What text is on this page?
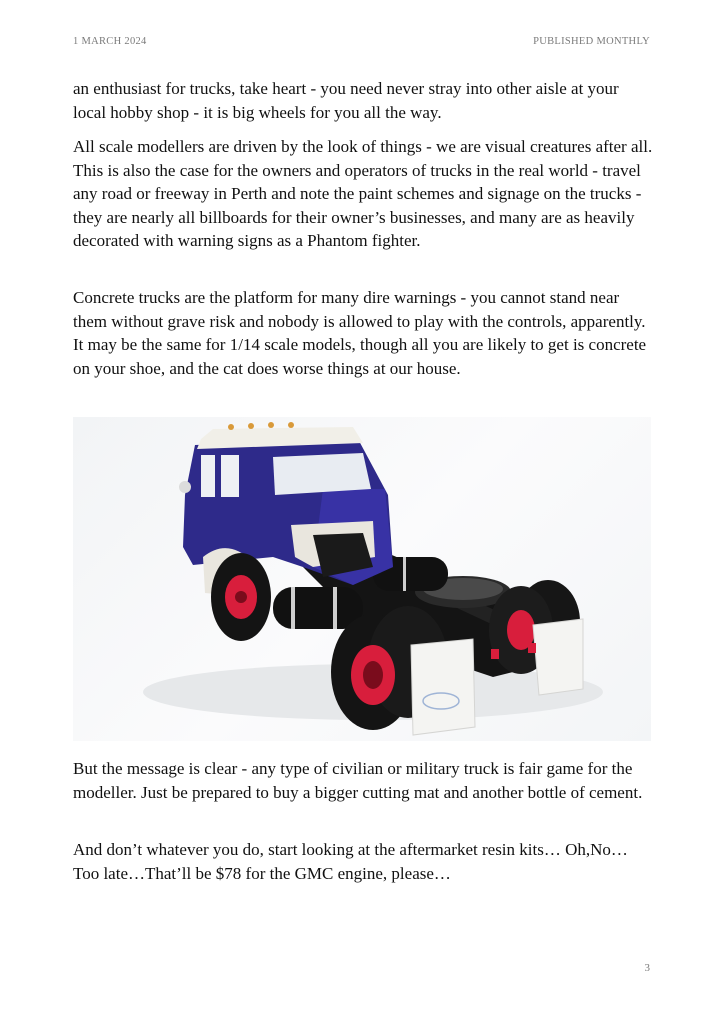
1 MARCH 2024	PUBLISHED MONTHLY

an enthusiast for trucks, take heart - you need never stray into other aisle at your local hobby shop - it is big wheels for you all the way.

All scale modellers are driven by the look of things - we are visual creatures after all. This is also the case for the owners and operators of trucks in the real world - travel any road or freeway in Perth and note the paint schemes and signage on the trucks - they are nearly all billboards for their owner’s businesses, and many are as heavily decorated with warning signs as a Phantom fighter.

Concrete trucks are the platform for many dire warnings - you cannot stand near them without grave risk and nobody is allowed to play with the controls, apparently. It may be the same for 1/14 scale models, though all you are likely to get is concrete on your shoe, and the cat does worse things at our house.

But the message is clear - any type of civilian or military truck is fair game for the modeller. Just be prepared to buy a bigger cutting mat and another bottle of cement.

And don’t whatever you do, start looking at the aftermarket resin kits… Oh,No…Too late…That’ll be $78 for the GMC engine, please…

3
